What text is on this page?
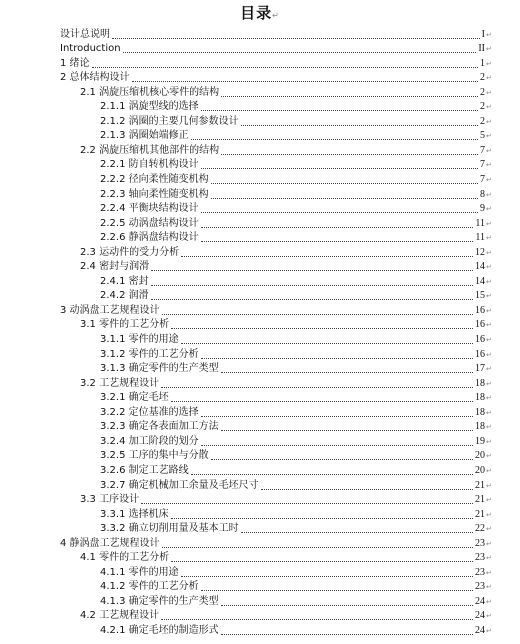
目录↵
设计总说明	I ↵
Introduction	II ↵
1 绪论	1 ↵
2 总体结构设计	2 ↵
2.1 涡旋压缩机核心零件的结构	2 ↵
2.1.1 涡旋型线的选择	2 ↵
2.1.2 涡圈的主要几何参数设计	2 ↵
2.1.3 涡圈始端修正	5 ↵
2.2 涡旋压缩机其他部件的结构	7 ↵
2.2.1 防自转机构设计	7 ↵
2.2.2 径向柔性随变机构	7 ↵
2.2.3 轴向柔性随变机构	8 ↵
2.2.4 平衡块结构设计	9 ↵
2.2.5 动涡盘结构设计	11 ↵
2.2.6 静涡盘结构设计	11 ↵
2.3 运动件的受力分析	12 ↵
2.4 密封与润滑	14 ↵
2.4.1 密封	14 ↵
2.4.2 润滑	15 ↵
3 动涡盘工艺规程设计	16 ↵
3.1 零件的工艺分析	16 ↵
3.1.1 零件的用途	16 ↵
3.1.2 零件的工艺分析	16 ↵
3.1.3 确定零件的生产类型	17 ↵
3.2 工艺规程设计	18 ↵
3.2.1 确定毛坯	18 ↵
3.2.2 定位基准的选择	18 ↵
3.2.3 确定各表面加工方法	18 ↵
3.2.4 加工阶段的划分	19 ↵
3.2.5 工序的集中与分散	20 ↵
3.2.6 制定工艺路线	20 ↵
3.2.7 确定机械加工余量及毛坯尺寸	21 ↵
3.3 工序设计	21 ↵
3.3.1 选择机床	21 ↵
3.3.2 确立切削用量及基本工时	22 ↵
4 静涡盘工艺规程设计	23 ↵
4.1 零件的工艺分析	23 ↵
4.1.1 零件的用途	23 ↵
4.1.2 零件的工艺分析	23 ↵
4.1.3 确定零件的生产类型	24 ↵
4.2 工艺规程设计	24 ↵
4.2.1 确定毛坯的制造形式	24 ↵
